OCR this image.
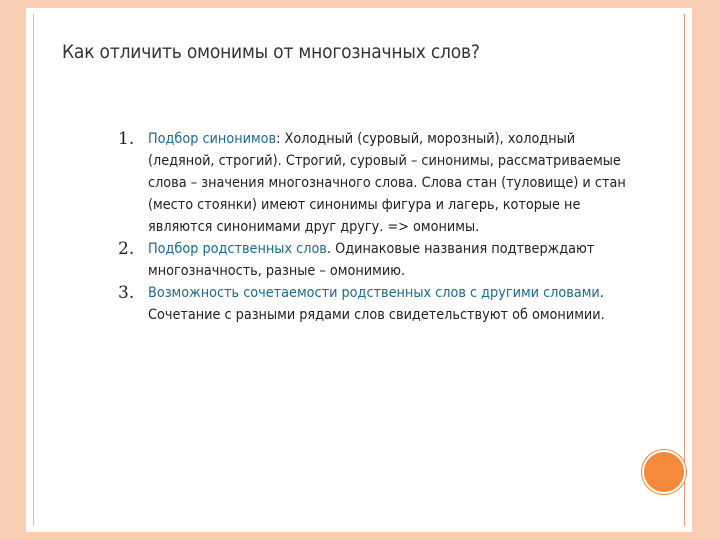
Как отличить омонимы от многозначных слов?
1. Подбор синонимов: Холодный (суровый, морозный), холодный (ледяной, строгий). Строгий, суровый – синонимы, рассматриваемые слова – значения многозначного слова. Слова стан (туловище) и стан (место стоянки) имеют синонимы фигура и лагерь, которые не являются синонимами друг другу. => омонимы.
2. Подбор родственных слов. Одинаковые названия подтверждают многозначность, разные – омонимию.
3. Возможность сочетаемости родственных слов с другими словами. Сочетание с разными рядами слов свидетельствуют об омонимии.
